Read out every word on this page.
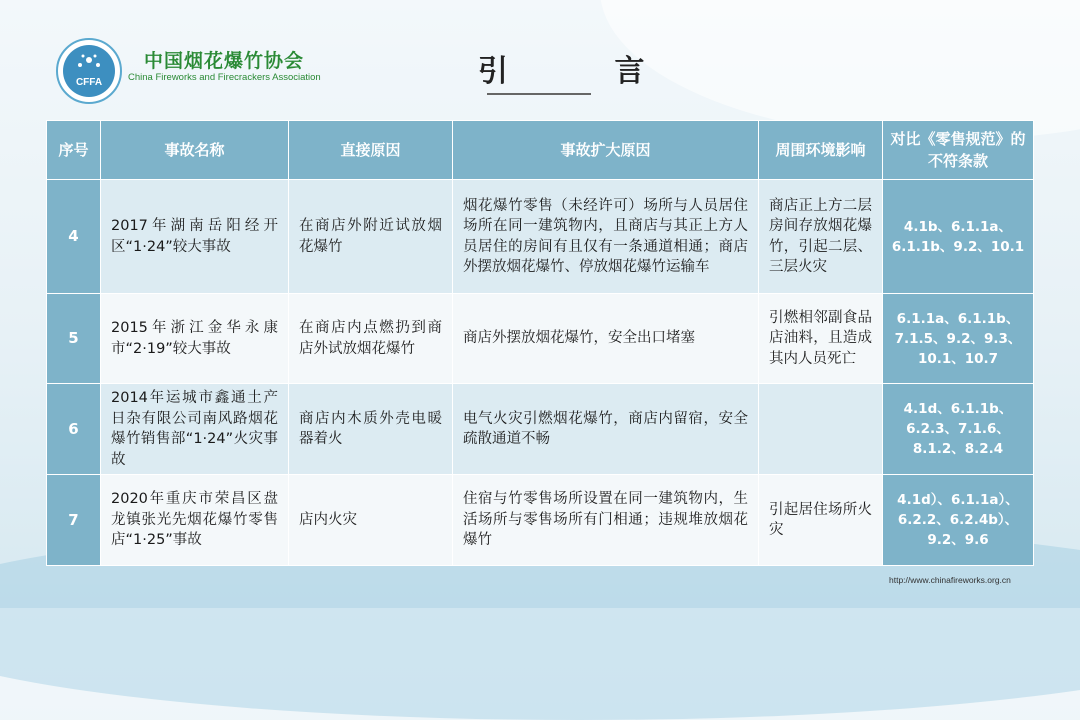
CFFA
中国烟花爆竹协会
China Fireworks and Firecrackers Association	引 言
序号	事故名称	直接原因	事故扩大原因	周围环境影响	对比《零售规范》的不符条款
4	2017年湖南岳阳经开区“1·24”较大事故	在商店外附近试放烟花爆竹	烟花爆竹零售（未经许可）场所与人员居住场所在同一建筑物内，且商店与其正上方人员居住的房间有且仅有一条通道相通；商店外摆放烟花爆竹、停放烟花爆竹运输车	商店正上方二层房间存放烟花爆竹，引起二层、三层火灾	4.1b、6.1.1a、6.1.1b、9.2、10.1
5	2015年浙江金华永康市“2·19”较大事故	在商店内点燃扔到商店外试放烟花爆竹	商店外摆放烟花爆竹，安全出口堵塞	引燃相邻副食品店油料，且造成其内人员死亡	6.1.1a、6.1.1b、7.1.5、9.2、9.3、10.1、10.7
6	2014年运城市鑫通土产日杂有限公司南风路烟花爆竹销售部“1·24”火灾事故	商店内木质外壳电暖器着火	电气火灾引燃烟花爆竹，商店内留宿，安全疏散通道不畅		4.1d、6.1.1b、6.2.3、7.1.6、8.1.2、8.2.4
7	2020年重庆市荣昌区盘龙镇张光先烟花爆竹零售店“1·25”事故	店内火灾	住宿与竹零售场所设置在同一建筑物内，生活场所与零售场所有门相通；违规堆放烟花爆竹	引起居住场所火灾	4.1d）、6.1.1a）、6.2.2、6.2.4b）、9.2、9.6
http://www.chinafireworks.org.cn
